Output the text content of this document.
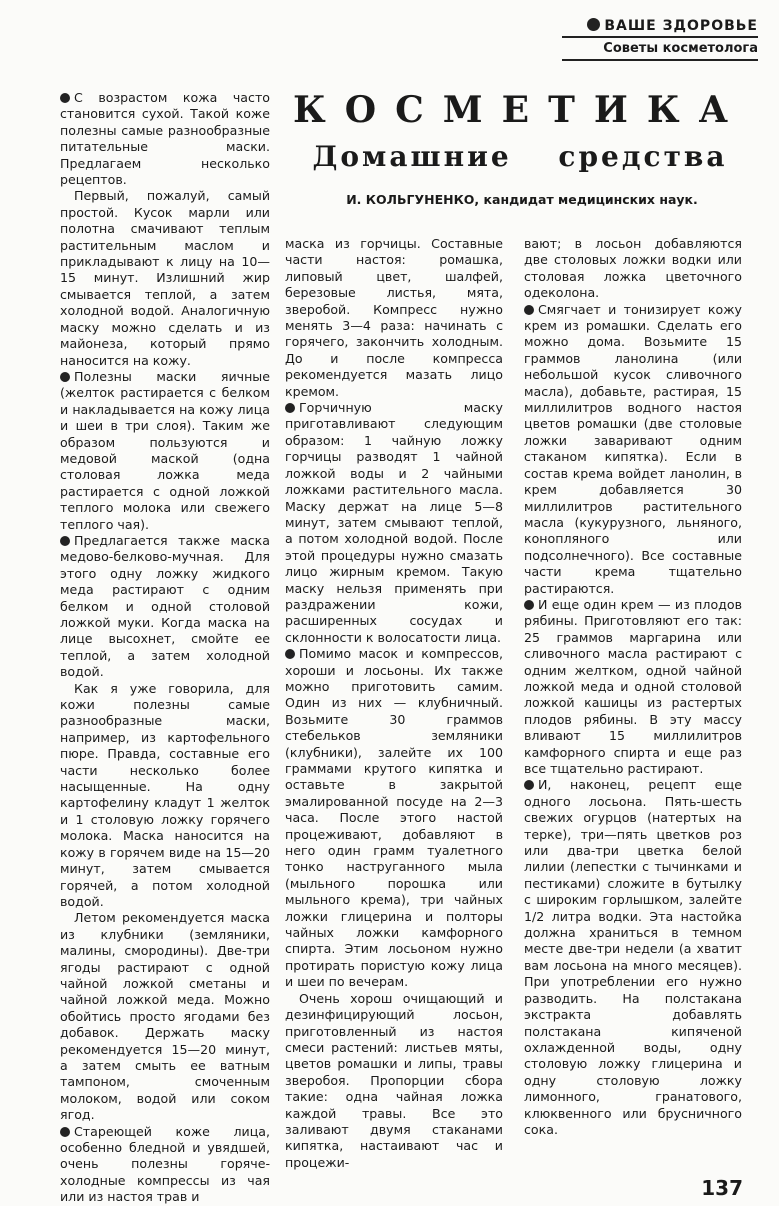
ВАШЕ ЗДОРОВЬЕ
Советы косметолога
КОСМЕТИКА
Домашние средства
И. КОЛЬГУНЕНКО, кандидат медицинских наук.

С возрастом кожа часто становится сухой. Такой коже полезны самые разнообразные питательные маски. Предлагаем несколько рецептов.

Первый, пожалуй, самый простой. Кусок марли или полотна смачивают теплым растительным маслом и прикладывают к лицу на 10—15 минут. Излишний жир смывается теплой, а затем холодной водой. Аналогичную маску можно сделать и из майонеза, который прямо наносится на кожу.

Полезны маски яичные (желток растирается с белком и накладывается на кожу лица и шеи в три слоя). Таким же образом пользуются и медовой маской (одна столовая ложка меда растирается с одной ложкой теплого молока или свежего теплого чая).

Предлагается также маска медово-белково-мучная. Для этого одну ложку жидкого меда растирают с одним белком и одной столовой ложкой муки. Когда маска на лице высохнет, смойте ее теплой, а затем холодной водой.

Как я уже говорила, для кожи полезны самые разнообразные маски, например, из картофельного пюре. Правда, составные его части несколько более насыщенные. На одну картофелину кладут 1 желток и 1 столовую ложку горячего молока. Маска наносится на кожу в горячем виде на 15—20 минут, затем смывается горячей, а потом холодной водой.

Летом рекомендуется маска из клубники (земляники, малины, смородины). Две-три ягоды растирают с одной чайной ложкой сметаны и чайной ложкой меда. Можно обойтись просто ягодами без добавок. Держать маску рекомендуется 15—20 минут, а затем смыть ее ватным тампоном, смоченным молоком, водой или соком ягод.

Стареющей коже лица, особенно бледной и увядшей, очень полезны горяче-холодные компрессы из чая или из настоя трав и

маска из горчицы. Составные части настоя: ромашка, липовый цвет, шалфей, березовые листья, мята, зверобой. Компресс нужно менять 3—4 раза: начинать с горячего, закончить холодным. До и после компресса рекомендуется мазать лицо кремом.

Горчичную маску приготавливают следующим образом: 1 чайную ложку горчицы разводят 1 чайной ложкой воды и 2 чайными ложками растительного масла. Маску держат на лице 5—8 минут, затем смывают теплой, а потом холодной водой. После этой процедуры нужно смазать лицо жирным кремом. Такую маску нельзя применять при раздражении кожи, расширенных сосудах и склонности к волосатости лица.

Помимо масок и компрессов, хороши и лосьоны. Их также можно приготовить самим. Один из них — клубничный. Возьмите 30 граммов стебельков земляники (клубники), залейте их 100 граммами крутого кипятка и оставьте в закрытой эмалированной посуде на 2—3 часа. После этого настой процеживают, добавляют в него один грамм туалетного тонко наструганного мыла (мыльного порошка или мыльного крема), три чайных ложки глицерина и полторы чайных ложки камфорного спирта. Этим лосьоном нужно протирать пористую кожу лица и шеи по вечерам.

Очень хорош очищающий и дезинфицирующий лосьон, приготовленный из настоя смеси растений: листьев мяты, цветов ромашки и липы, травы зверобоя. Пропорции сбора такие: одна чайная ложка каждой травы. Все это заливают двумя стаканами кипятка, настаивают час и процежи-

вают; в лосьон добавляются две столовых ложки водки или столовая ложка цветочного одеколона.

Смягчает и тонизирует кожу крем из ромашки. Сделать его можно дома. Возьмите 15 граммов ланолина (или небольшой кусок сливочного масла), добавьте, растирая, 15 миллилитров водного настоя цветов ромашки (две столовые ложки заваривают одним стаканом кипятка). Если в состав крема войдет ланолин, в крем добавляется 30 миллилитров растительного масла (кукурузного, льняного, конопляного или подсолнечного). Все составные части крема тщательно растираются.

И еще один крем — из плодов рябины. Приготовляют его так: 25 граммов маргарина или сливочного масла растирают с одним желтком, одной чайной ложкой меда и одной столовой ложкой кашицы из растертых плодов рябины. В эту массу вливают 15 миллилитров камфорного спирта и еще раз все тщательно растирают.

И, наконец, рецепт еще одного лосьона. Пять-шесть свежих огурцов (натертых на терке), три—пять цветков роз или два-три цветка белой лилии (лепестки с тычинками и пестиками) сложите в бутылку с широким горлышком, залейте 1/2 литра водки. Эта настойка должна храниться в темном месте две-три недели (а хватит вам лосьона на много месяцев). При употреблении его нужно разводить. На полстакана экстракта добавлять полстакана кипяченой охлажденной воды, одну столовую ложку глицерина и одну столовую ложку лимонного, гранатового, клюквенного или брусничного сока.

137
